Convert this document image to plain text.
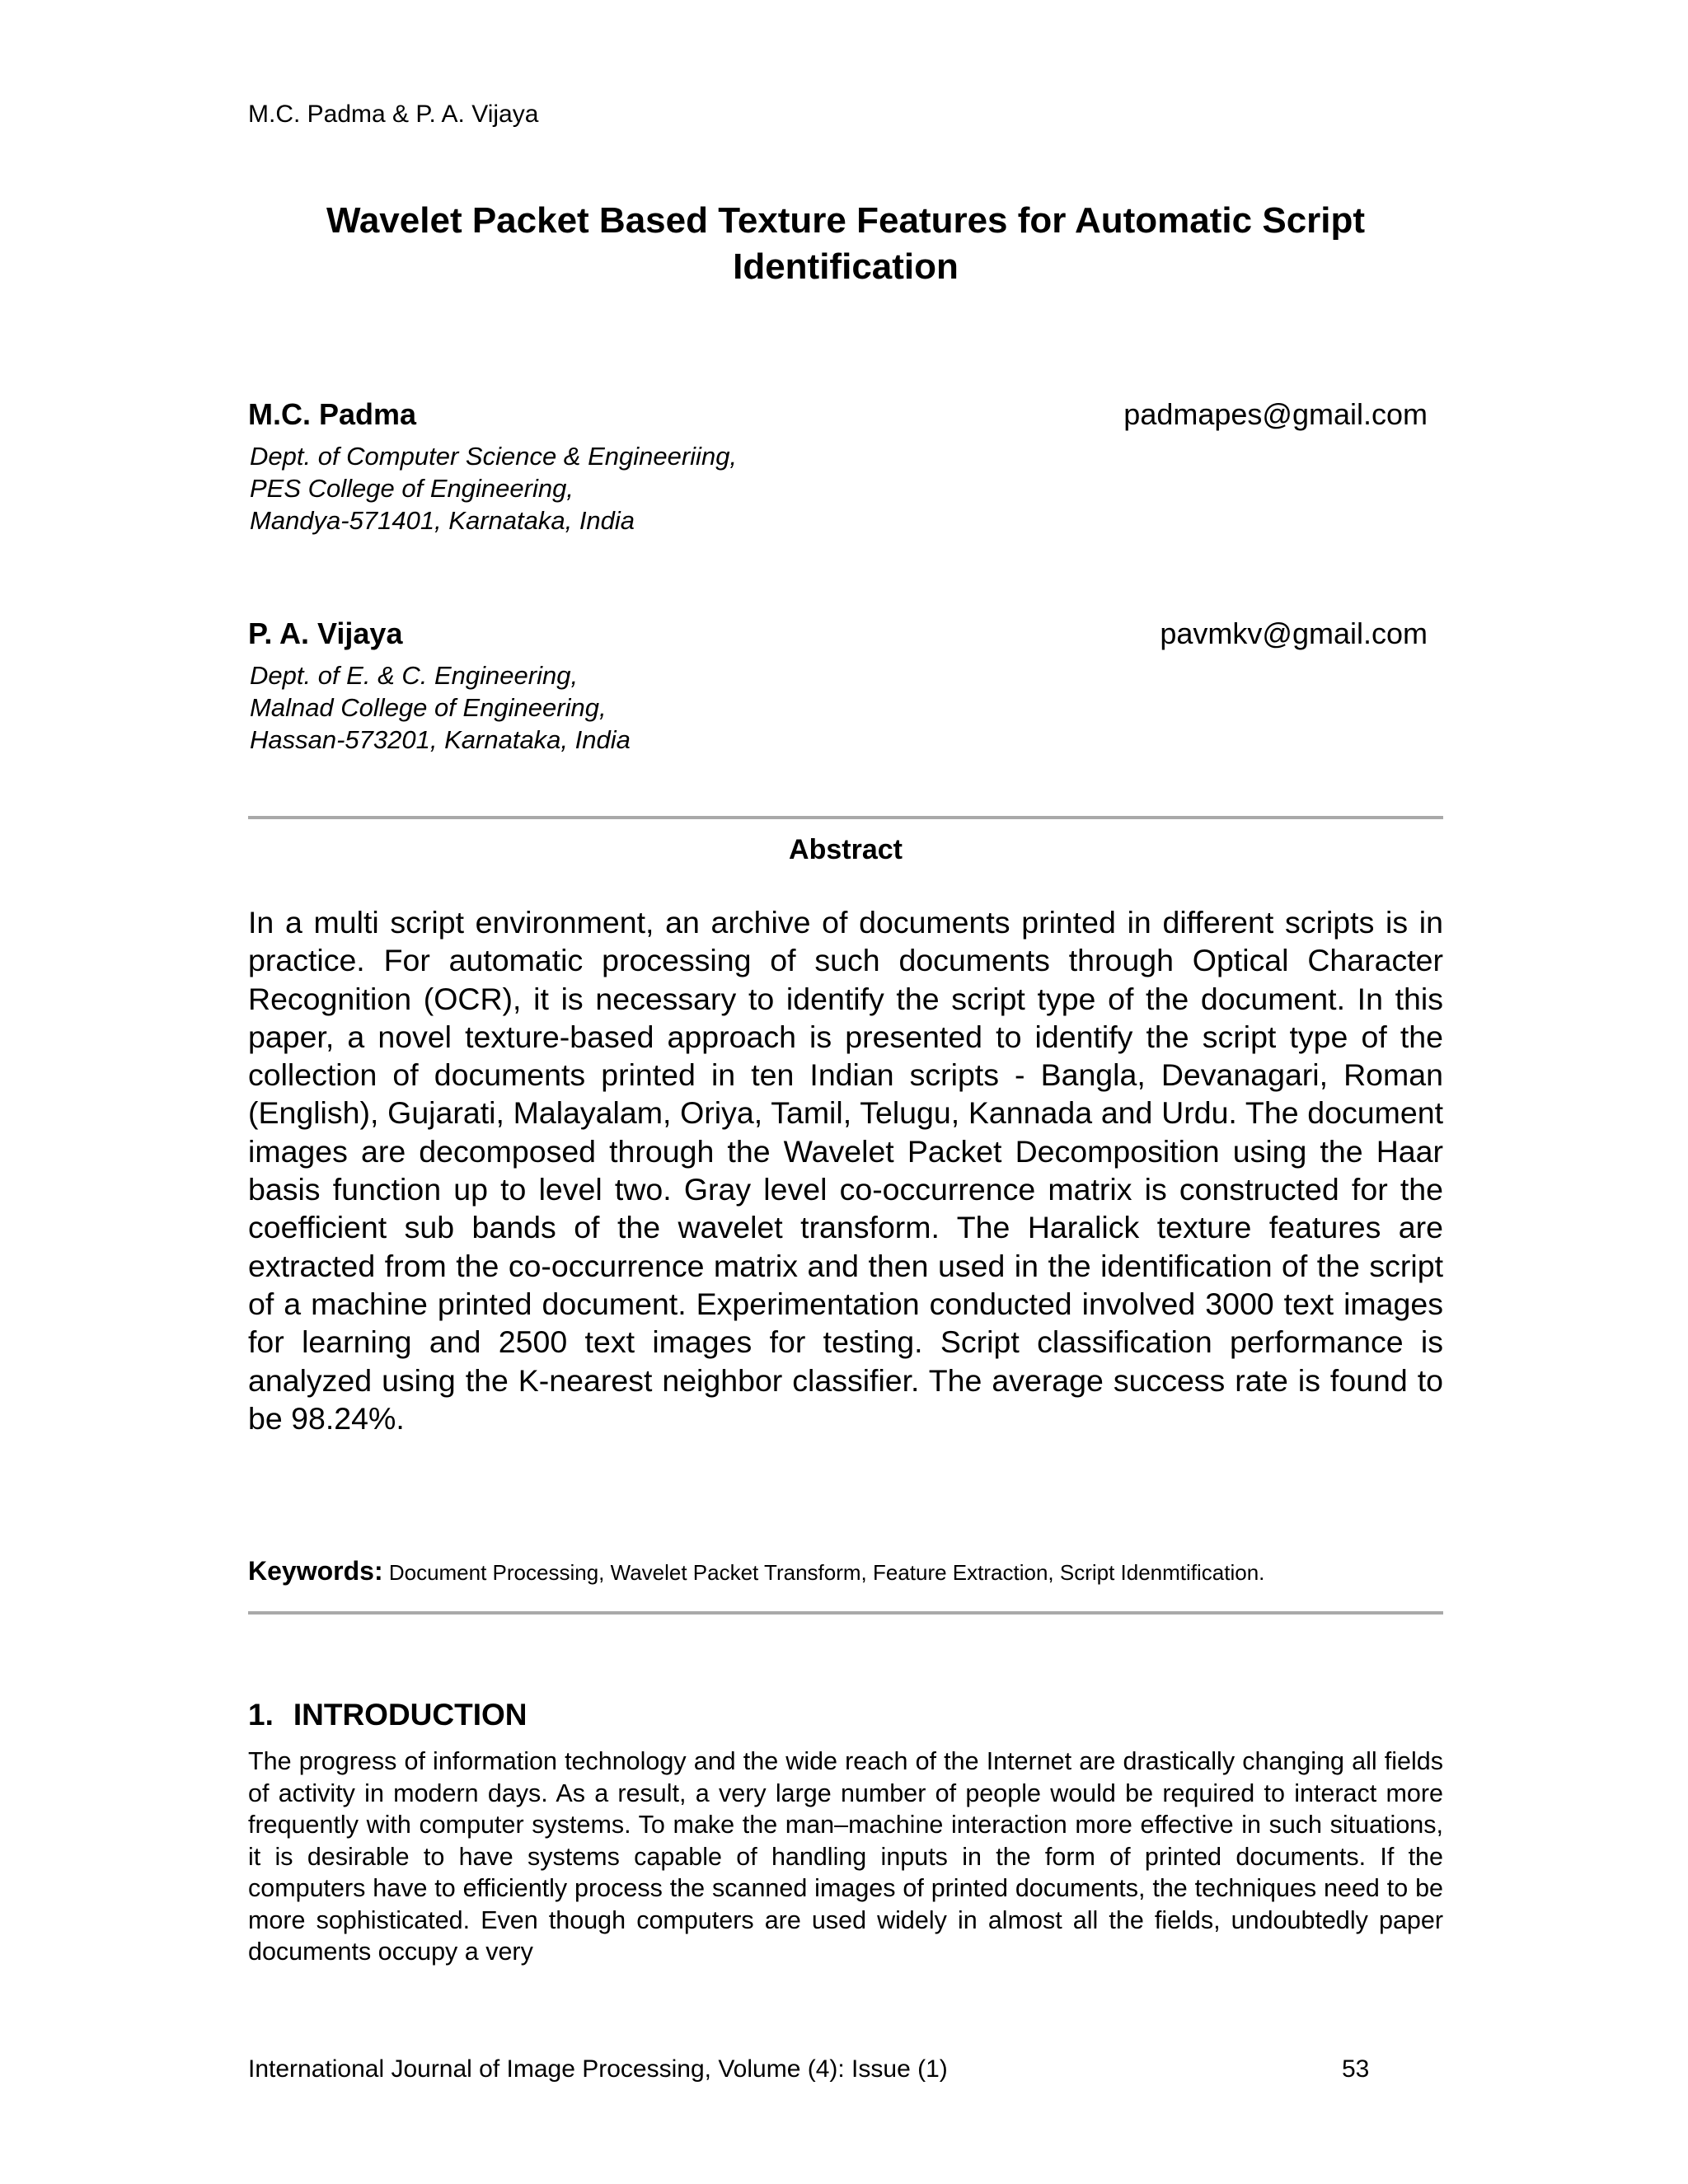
M.C. Padma & P. A. Vijaya
Wavelet Packet Based Texture Features for Automatic Script
Identification
M.C. Padma	padmapes@gmail.com
Dept. of Computer Science & Engineeriing,
PES College of Engineering,
Mandya-571401, Karnataka, India
P. A. Vijaya	pavmkv@gmail.com
Dept. of E. & C. Engineering,
Malnad College of Engineering,
Hassan-573201, Karnataka, India
Abstract
In a multi script environment, an archive of documents printed in different scripts is in practice. For automatic processing of such documents through Optical Character Recognition (OCR), it is necessary to identify the script type of the document. In this paper, a novel texture-based approach is presented to identify the script type of the collection of documents printed in ten Indian scripts - Bangla, Devanagari, Roman (English), Gujarati, Malayalam, Oriya, Tamil, Telugu, Kannada and Urdu. The document images are decomposed through the Wavelet Packet Decomposition using the Haar basis function up to level two. Gray level co-occurrence matrix is constructed for the coefficient sub bands of the wavelet transform. The Haralick texture features are extracted from the co-occurrence matrix and then used in the identification of the script of a machine printed document. Experimentation conducted involved 3000 text images for learning and 2500 text images for testing. Script classification performance is analyzed using the K-nearest neighbor classifier. The average success rate is found to be 98.24%.
Keywords: Document Processing, Wavelet Packet Transform, Feature Extraction, Script Idenmtification.
1. INTRODUCTION
The progress of information technology and the wide reach of the Internet are drastically changing all fields of activity in modern days. As a result, a very large number of people would be required to interact more frequently with computer systems. To make the man–machine interaction more effective in such situations, it is desirable to have systems capable of handling inputs in the form of printed documents. If the computers have to efficiently process the scanned images of printed documents, the techniques need to be more sophisticated. Even though computers are used widely in almost all the fields, undoubtedly paper documents occupy a very
International Journal of Image Processing, Volume (4): Issue (1)	53
